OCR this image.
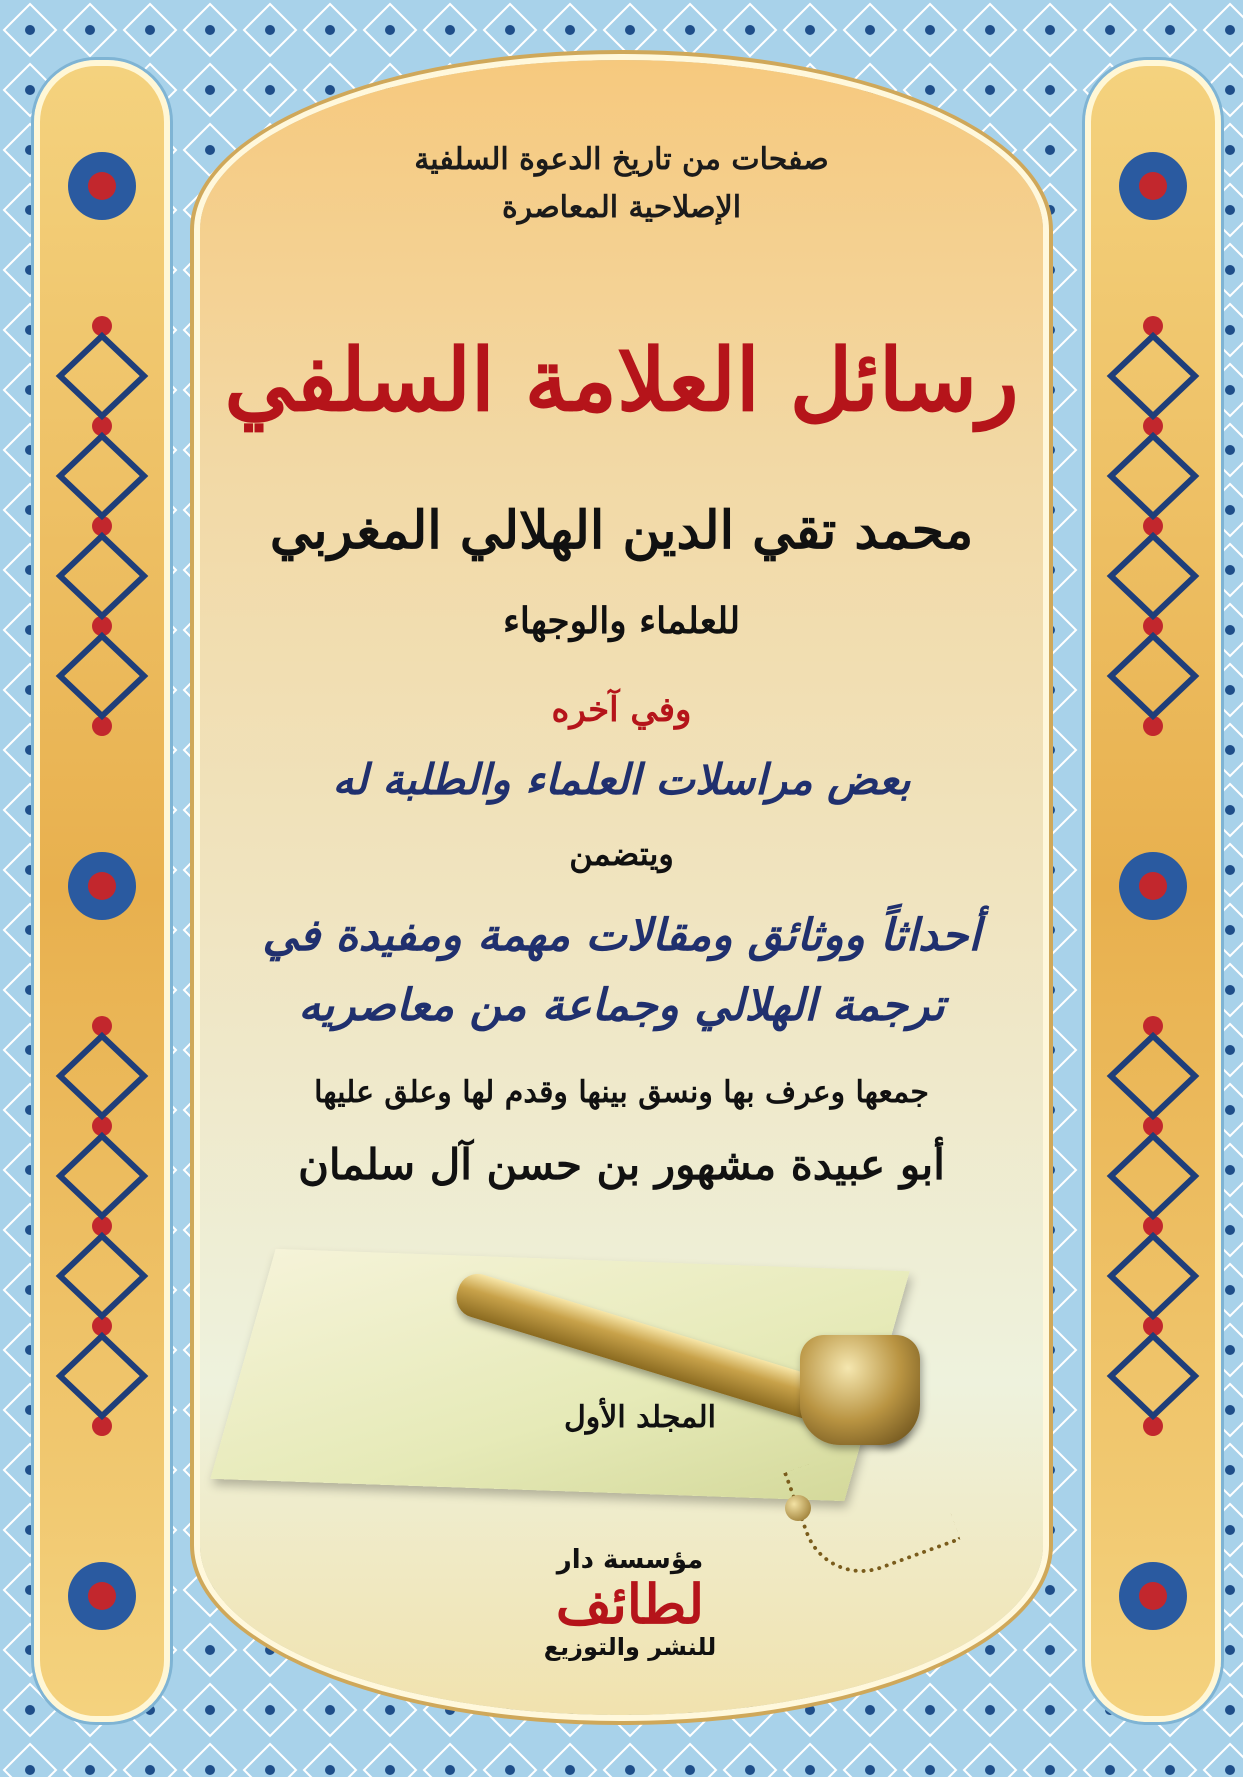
صفحات من تاريخ الدعوة السلفية
الإصلاحية المعاصرة
رسائل العلامة السلفي
محمد تقي الدين الهلالي المغربي
للعلماء والوجهاء
وفي آخره
بعض مراسلات العلماء والطلبة له
ويتضمن
أحداثاً ووثائق ومقالات مهمة ومفيدة في
ترجمة الهلالي وجماعة من معاصريه
جمعها وعرف بها ونسق بينها وقدم لها وعلق عليها
أبو عبيدة مشهور بن حسن آل سلمان
المجلد الأول
مؤسسة دار
لطائف
للنشر والتوزيع
